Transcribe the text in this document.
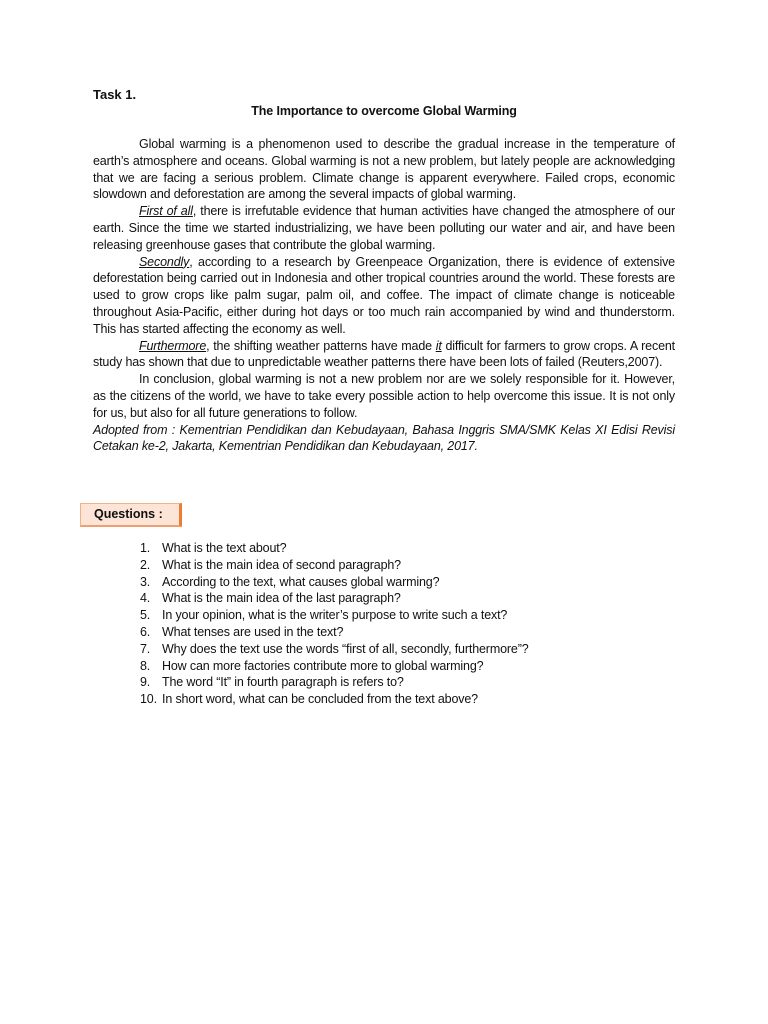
Task 1.

The Importance to overcome Global Warming

Global warming is a phenomenon used to describe the gradual increase in the temperature of earth’s atmosphere and oceans. Global warming is not a new problem, but lately people are acknowledging that we are facing a serious problem. Climate change is apparent everywhere. Failed crops, economic slowdown and deforestation are among the several impacts of global warming.

First of all, there is irrefutable evidence that human activities have changed the atmosphere of our earth. Since the time we started industrializing, we have been polluting our water and air, and have been releasing greenhouse gases that contribute the global warming.

Secondly, according to a research by Greenpeace Organization, there is evidence of extensive deforestation being carried out in Indonesia and other tropical countries around the world. These forests are used to grow crops like palm sugar, palm oil, and coffee. The impact of climate change is noticeable throughout Asia-Pacific, either during hot days or too much rain accompanied by wind and thunderstorm. This has started affecting the economy as well.

Furthermore, the shifting weather patterns have made it difficult for farmers to grow crops. A recent study has shown that due to unpredictable weather patterns there have been lots of failed (Reuters,2007).

In conclusion, global warming is not a new problem nor are we solely responsible for it. However, as the citizens of the world, we have to take every possible action to help overcome this issue. It is not only for us, but also for all future generations to follow.

Adopted from : Kementrian Pendidikan dan Kebudayaan, Bahasa Inggris SMA/SMK Kelas XI Edisi Revisi Cetakan ke-2, Jakarta, Kementrian Pendidikan dan Kebudayaan, 2017.

Questions :
1. What is the text about?
2. What is the main idea of second paragraph?
3. According to the text, what causes global warming?
4. What is the main idea of the last paragraph?
5. In your opinion, what is the writer’s purpose to write such a text?
6. What tenses are used in the text?
7. Why does the text use the words “first of all, secondly, furthermore”?
8. How can more factories contribute more to global warming?
9. The word “It” in fourth paragraph is refers to?
10. In short word, what can be concluded from the text above?
